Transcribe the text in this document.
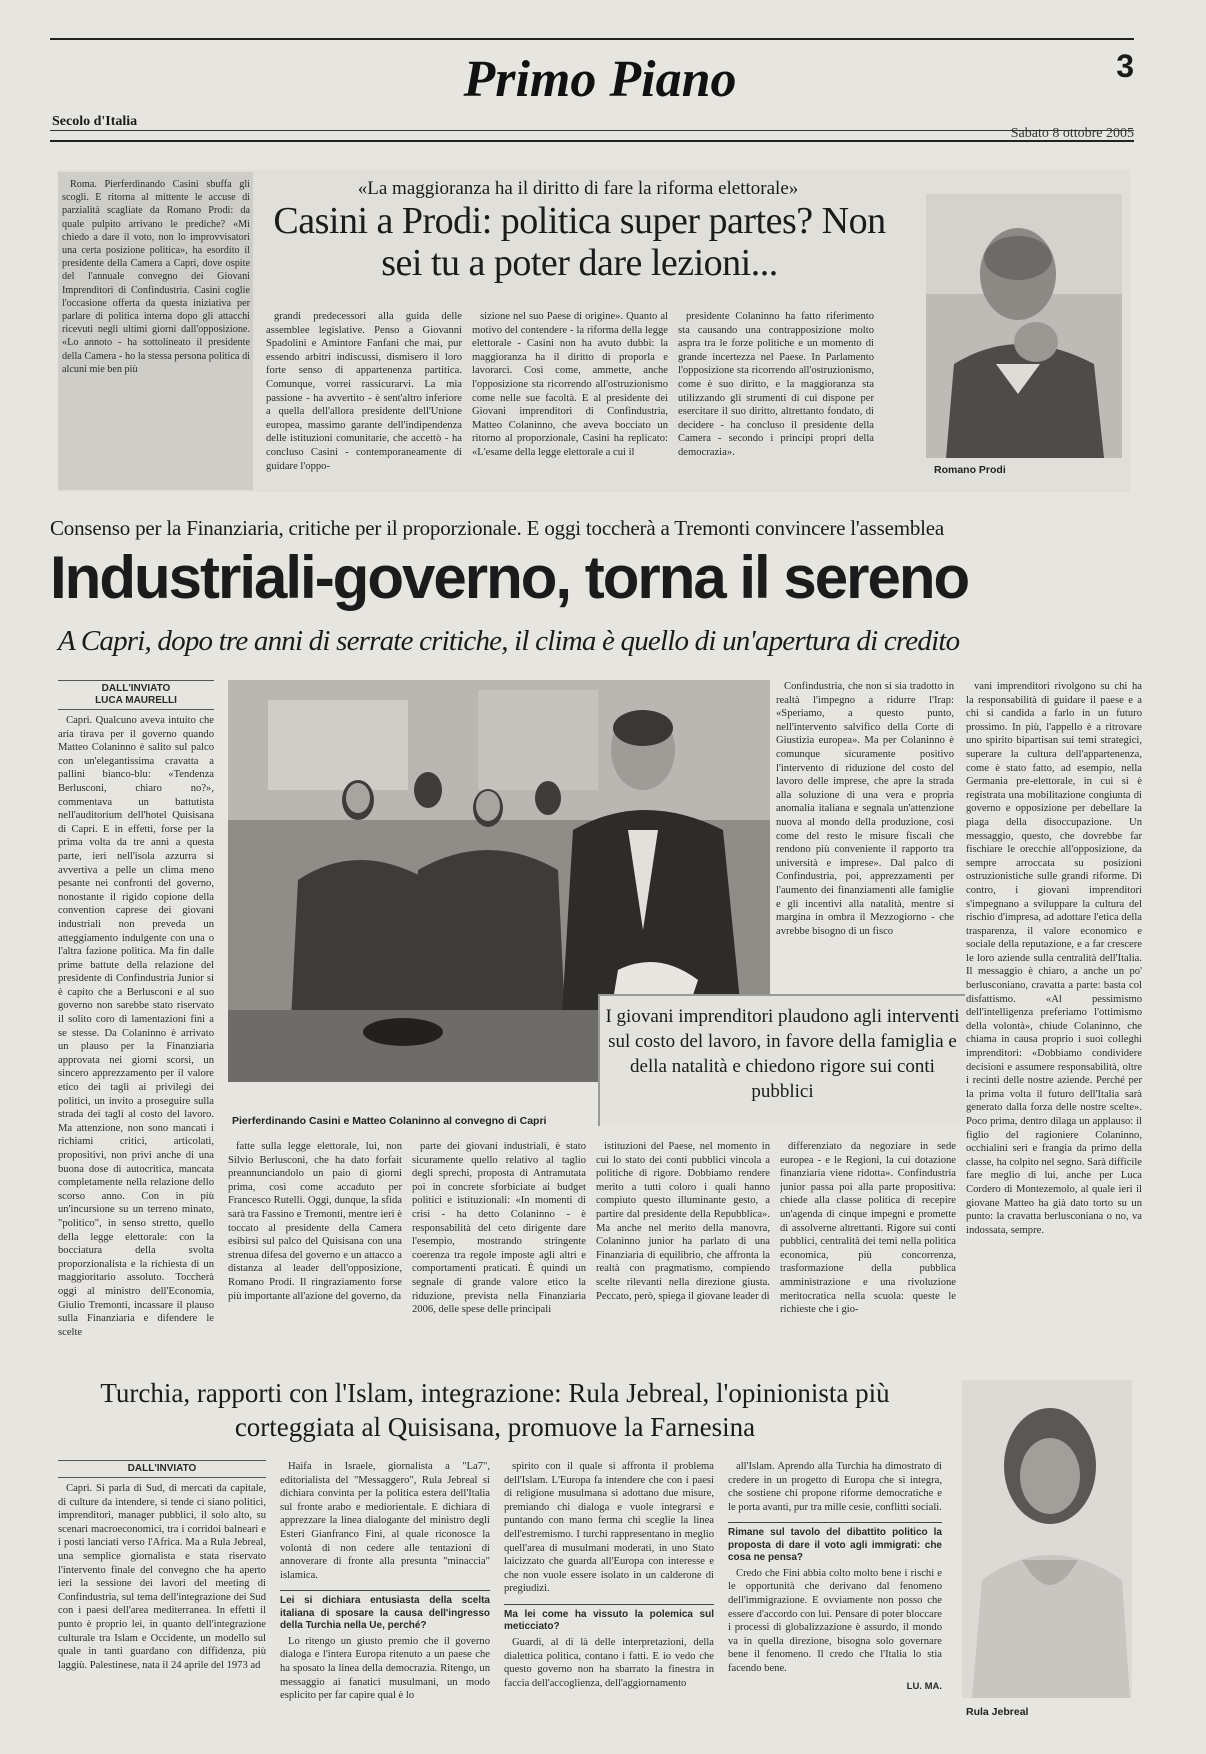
Primo Piano	3
Secolo d'Italia
Sabato 8 ottobre 2005

Roma. Pierferdinando Casini sbuffa gli scogli. E ritorna al mittente le accuse di parzialità scagliate da Romano Prodi: da quale pulpito arrivano le prediche? «Mi chiedo a dare il voto, non lo improvvisatori una certa posizione politica», ha esordito il presidente della Camera a Capri, dove ospite del l'annuale convegno dei Giovani Imprenditori di Confindustria. Casini coglie l'occasione offerta da questa iniziativa per parlare di politica interna dopo gli attacchi ricevuti negli ultimi giorni dall'opposizione. «Lo annoto - ha sottolineato il presidente della Camera - ho la stessa persona politica di alcuni mie ben più

«La maggioranza ha il diritto di fare la riforma elettorale»
Casini a Prodi: politica super partes? Non sei tu a poter dare lezioni...

grandi predecessori alla guida delle assemblee legislative. Penso a Giovanni Spadolini e Amintore Fanfani che mai, pur essendo arbitri indiscussi, dismisero il loro forte senso di appartenenza partitica. Comunque, vorrei rassicurarvi. La mia passione - ha avvertito - è sent'altro inferiore a quella dell'allora presidente dell'Unione europea, massimo garante dell'indipendenza delle istituzioni comunitarie, che accettò - ha concluso Casini - contemporaneamente di guidare l'oppo-

sizione nel suo Paese di origine». Quanto al motivo del contendere - la riforma della legge elettorale - Casini non ha avuto dubbi: la maggioranza ha il diritto di proporla e lavorarci. Così come, ammette, anche l'opposizione sta ricorrendo all'ostruzionismo come nelle sue facoltà. E al presidente dei Giovani imprenditori di Confindustria, Matteo Colaninno, che aveva bocciato un ritorno al proporzionale, Casini ha replicato: «L'esame della legge elettorale a cui il

presidente Colaninno ha fatto riferimento sta causando una contrapposizione molto aspra tra le forze politiche e un momento di grande incertezza nel Paese. In Parlamento l'opposizione sta ricorrendo all'ostruzionismo, come è suo diritto, e la maggioranza sta utilizzando gli strumenti di cui dispone per esercitare il suo diritto, altrettanto fondato, di decidere - ha concluso il presidente della Camera - secondo i principi propri della democrazia».

Romano Prodi
Consenso per la Finanziaria, critiche per il proporzionale. E oggi toccherà a Tremonti convincere l'assemblea
Industriali-governo, torna il sereno
A Capri, dopo tre anni di serrate critiche, il clima è quello di un'apertura di credito
DALL'INVIATO
LUCA MAURELLI

Capri. Qualcuno aveva intuito che aria tirava per il governo quando Matteo Colaninno è salito sul palco con un'elegantissima cravatta a pallini bianco-blu: «Tendenza Berlusconi, chiaro no?», commentava un battutista nell'auditorium dell'hotel Quisisana di Capri. E in effetti, forse per la prima volta da tre anni a questa parte, ieri nell'isola azzurra si avvertiva a pelle un clima meno pesante nei confronti del governo, nonostante il rigido copione della convention caprese dei giovani industriali non preveda un atteggiamento indulgente con una o l'altra fazione politica. Ma fin dalle prime battute della relazione del presidente di Confindustria Junior si è capito che a Berlusconi e al suo governo non sarebbe stato riservato il solito coro di lamentazioni fini a se stesse. Da Colaninno è arrivato un plauso per la Finanziaria approvata nei giorni scorsi, un sincero apprezzamento per il valore etico dei tagli ai privilegi dei politici, un invito a proseguire sulla strada dei tagli al costo del lavoro. Ma attenzione, non sono mancati i richiami critici, articolati, propositivi, non privi anche di una buona dose di autocritica, mancata completamente nella relazione dello scorso anno. Con in più un'incursione su un terreno minato, "politico", in senso stretto, quello della legge elettorale: con la bocciatura della svolta proporzionalista e la richiesta di un maggioritario assoluto. Toccherà oggi al ministro dell'Economia, Giulio Tremonti, incassare il plauso sulla Finanziaria e difendere le scelte

Pierferdinando Casini e Matteo Colaninno al convegno di Capri

Confindustria, che non si sia tradotto in realtà l'impegno a ridurre l'Irap: «Speriamo, a questo punto, nell'intervento salvifico della Corte di Giustizia europea». Ma per Colaninno è comunque sicuramente positivo l'intervento di riduzione del costo del lavoro delle imprese, che apre la strada alla soluzione di una vera e propria anomalia italiana e segnala un'attenzione nuova al mondo della produzione, così come del resto le misure fiscali che rendono più conveniente il rapporto tra università e imprese». Dal palco di Confindustria, poi, apprezzamenti per l'aumento dei finanziamenti alle famiglie e gli incentivi alla natalità, mentre si margina in ombra il Mezzogiorno - che avrebbe bisogno di un fisco

vani imprenditori rivolgono su chi ha la responsabilità di guidare il paese e a chi si candida a farlo in un futuro prossimo. In più, l'appello è a ritrovare uno spirito bipartisan sui temi strategici, superare la cultura dell'appartenenza, come è stato fatto, ad esempio, nella Germania pre-elettorale, in cui si è registrata una mobilitazione congiunta di governo e opposizione per debellare la piaga della disoccupazione. Un messaggio, questo, che dovrebbe far fischiare le orecchie all'opposizione, da sempre arroccata su posizioni ostruzionistiche sulle grandi riforme. Di contro, i giovani imprenditori s'impegnano a sviluppare la cultura del rischio d'impresa, ad adottare l'etica della trasparenza, il valore economico e sociale della reputazione, e a far crescere le loro aziende sulla centralità dell'Italia. Il messaggio è chiaro, a anche un po' berlusconiano, cravatta a parte: basta col disfattismo. «Al pessimismo dell'intelligenza preferiamo l'ottimismo della volontà», chiude Colaninno, che chiama in causa proprio i suoi colleghi imprenditori: «Dobbiamo condividere decisioni e assumere responsabilità, oltre i recinti delle nostre aziende. Perché per la prima volta il futuro dell'Italia sarà generato dalla forza delle nostre scelte». Poco prima, dentro dilaga un applauso: il figlio del ragioniere Colaninno, occhialini seri e frangia da primo della classe, ha colpito nel segno. Sarà difficile fare meglio di lui, anche per Luca Cordero di Montezemolo, al quale ieri il giovane Matteo ha già dato torto su un punto: la cravatta berlusconiana o no, va indossata, sempre.

I giovani imprenditori plaudono agli interventi sul costo del lavoro, in favore della famiglia e della natalità e chiedono rigore sui conti pubblici

fatte sulla legge elettorale, lui, non Silvio Berlusconi, che ha dato forfait preannunciandolo un paio di giorni prima, così come accaduto per Francesco Rutelli. Oggi, dunque, la sfida sarà tra Fassino e Tremonti, mentre ieri è toccato al presidente della Camera esibirsi sul palco del Quisisana con una strenua difesa del governo e un attacco a distanza al leader dell'opposizione, Romano Prodi. Il ringraziamento forse più importante all'azione del governo, da

parte dei giovani industriali, è stato sicuramente quello relativo al taglio degli sprechi, proposta di Antramutata poi in concrete sforbiciate ai budget politici e istituzionali: «In momenti di crisi - ha detto Colaninno - è responsabilità del ceto dirigente dare l'esempio, mostrando stringente coerenza tra regole imposte agli altri e comportamenti praticati. È quindi un segnale di grande valore etico la riduzione, prevista nella Finanziaria 2006, delle spese delle principali

istituzioni del Paese, nel momento in cui lo stato dei conti pubblici vincola a politiche di rigore. Dobbiamo rendere merito a tutti coloro i quali hanno compiuto questo illuminante gesto, a partire dal presidente della Repubblica». Ma anche nel merito della manovra, Colaninno junior ha parlato di una Finanziaria di equilibrio, che affronta la realtà con pragmatismo, compiendo scelte rilevanti nella direzione giusta. Peccato, però, spiega il giovane leader di

differenziato da negoziare in sede europea - e le Regioni, la cui dotazione finanziaria viene ridotta». Confindustria junior passa poi alla parte propositiva: chiede alla classe politica di recepire un'agenda di cinque impegni e promette di assolverne altrettanti. Rigore sui conti pubblici, centralità dei temi nella politica economica, più concorrenza, trasformazione della pubblica amministrazione e una rivoluzione meritocratica nella scuola: queste le richieste che i gio-

Turchia, rapporti con l'Islam, integrazione: Rula Jebreal, l'opinionista più corteggiata al Quisisana, promuove la Farnesina
DALL'INVIATO

Capri. Si parla di Sud, di mercati da capitale, di culture da intendere, si tende ci siano politici, imprenditori, manager pubblici, il solo alto, su scenari macroeconomici, tra i corridoi balneari e i posti lanciati verso l'Africa. Ma a Rula Jebreal, una semplice giornalista e stata riservato l'intervento finale del convegno che ha aperto ieri la sessione dei lavori del meeting di Confindustria, sul tema dell'integrazione dei Sud con i paesi dell'area mediterranea. In effetti il punto è proprio lei, in quanto dell'integrazione culturale tra Islam e Occidente, un modello sul quale in tanti guardano con diffidenza, più laggiù. Palestinese, nata il 24 aprile del 1973 ad

Haifa in Israele, giornalista a "La7", editorialista del "Messaggero", Rula Jebreal si dichiara convinta per la politica estera dell'Italia sul fronte arabo e mediorientale. E dichiara di apprezzare la linea dialogante del ministro degli Esteri Gianfranco Fini, al quale riconosce la volontà di non cedere alle tentazioni di annoverare di fronte alla presunta "minaccia" islamica.

Lei si dichiara entusiasta della scelta italiana di sposare la causa dell'ingresso della Turchia nella Ue, perché?

Lo ritengo un giusto premio che il governo dialoga e l'intera Europa ritenuto a un paese che ha sposato la linea della democrazia. Ritengo, un messaggio ai fanatici musulmani, un modo esplicito per far capire qual è lo

spirito con il quale si affronta il problema dell'Islam. L'Europa fa intendere che con i paesi di religione musulmana si adottano due misure, premiando chi dialoga e vuole integrarsi e puntando con mano ferma chi sceglie la linea dell'estremismo. I turchi rappresentano in meglio quell'area di musulmani moderati, in uno Stato laicizzato che guarda all'Europa con interesse e che non vuole essere isolato in un calderone di pregiudizi.

Ma lei come ha vissuto la polemica sul meticciato?

Guardi, al di là delle interpretazioni, della dialettica politica, contano i fatti. E io vedo che questo governo non ha sbarrato la finestra in faccia dell'accoglienza, dell'aggiornamento

all'Islam. Aprendo alla Turchia ha dimostrato di credere in un progetto di Europa che si integra, che sostiene chi propone riforme democratiche e le porta avanti, pur tra mille cesie, conflitti sociali.

Rimane sul tavolo del dibattito politico la proposta di dare il voto agli immigrati: che cosa ne pensa?

Credo che Fini abbia colto molto bene i rischi e le opportunità che derivano dal fenomeno dell'immigrazione. E ovviamente non posso che essere d'accordo con lui. Pensare di poter bloccare i processi di globalizzazione è assurdo, il mondo va in quella direzione, bisogna solo governare bene il fenomeno. Il credo che l'Italia lo stia facendo bene.

LU. MA.
Rula Jebreal
